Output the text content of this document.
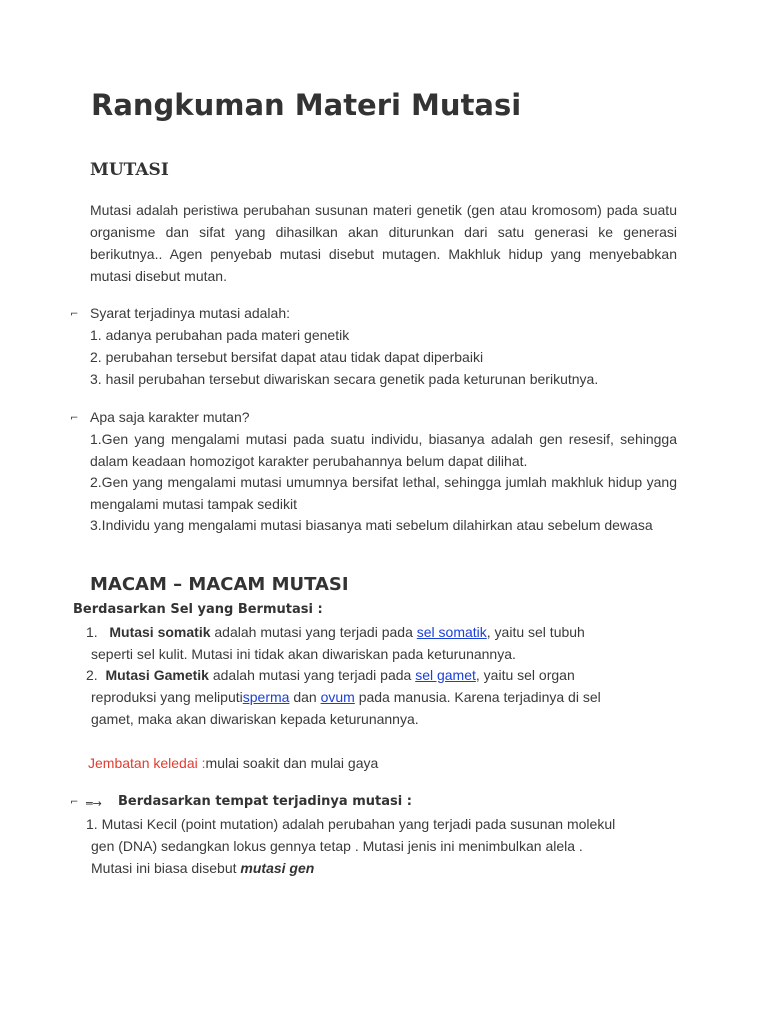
Rangkuman Materi Mutasi
MUTASI

Mutasi adalah peristiwa perubahan susunan materi genetik (gen atau kromosom) pada suatu organisme dan sifat yang dihasilkan akan diturunkan dari satu generasi ke generasi berikutnya.. Agen penyebab mutasi disebut mutagen. Makhluk hidup yang menyebabkan mutasi disebut mutan.

⌐ Syarat terjadinya mutasi adalah:

1. adanya perubahan pada materi genetik

2. perubahan tersebut bersifat dapat atau tidak dapat diperbaiki

3. hasil perubahan tersebut diwariskan secara genetik pada keturunan berikutnya.

⌐ Apa saja karakter mutan?

1.Gen yang mengalami mutasi pada suatu individu, biasanya adalah gen resesif, sehingga dalam keadaan homozigot karakter perubahannya belum dapat dilihat.

2.Gen yang mengalami mutasi umumnya bersifat lethal, sehingga jumlah makhluk hidup yang mengalami mutasi tampak sedikit

3.Individu yang mengalami mutasi biasanya mati sebelum dilahirkan atau sebelum dewasa

MACAM – MACAM MUTASI

Berdasarkan Sel yang Bermutasi :

1. Mutasi somatik adalah mutasi yang terjadi pada sel somatik, yaitu sel tubuh

seperti sel kulit. Mutasi ini tidak akan diwariskan pada keturunannya.

2. Mutasi Gametik adalah mutasi yang terjadi pada sel gamet, yaitu sel organ

reproduksi yang meliputisperma dan ovum pada manusia. Karena terjadinya di sel

gamet, maka akan diwariskan kepada keturunannya.

Jembatan keledai :mulai soakit dan mulai gaya

⌐ ═→ Berdasarkan tempat terjadinya mutasi :

1. Mutasi Kecil (point mutation) adalah perubahan yang terjadi pada susunan molekul

gen (DNA) sedangkan lokus gennya tetap . Mutasi jenis ini menimbulkan alela .

Mutasi ini biasa disebut mutasi gen
